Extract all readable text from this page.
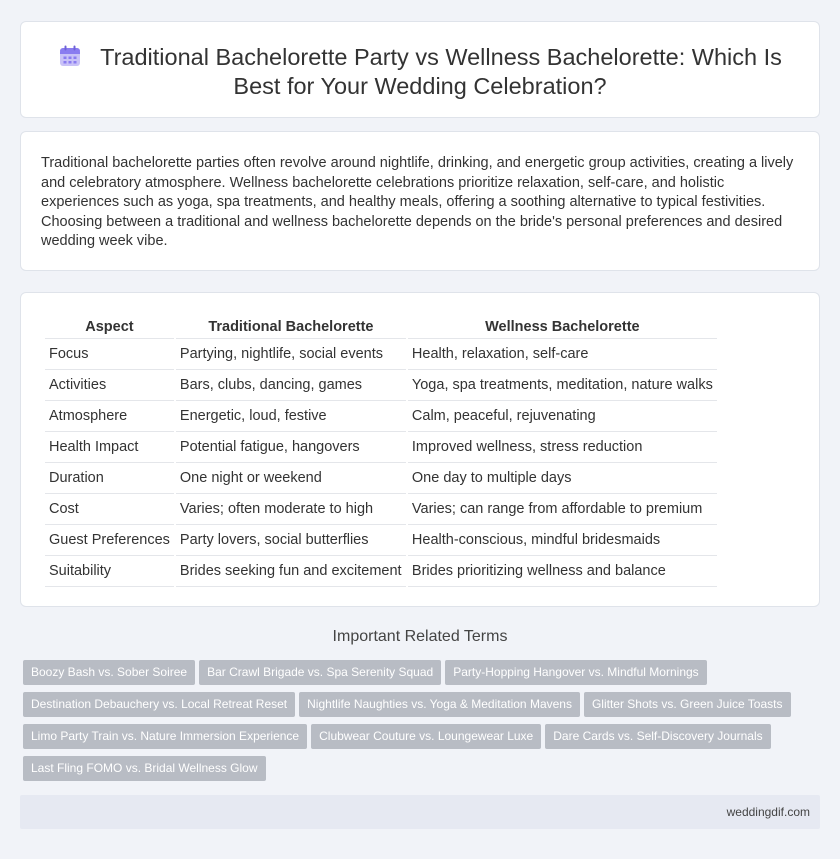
Traditional Bachelorette Party vs Wellness Bachelorette: Which Is Best for Your Wedding Celebration?

Traditional bachelorette parties often revolve around nightlife, drinking, and energetic group activities, creating a lively and celebratory atmosphere. Wellness bachelorette celebrations prioritize relaxation, self-care, and holistic experiences such as yoga, spa treatments, and healthy meals, offering a soothing alternative to typical festivities. Choosing between a traditional and wellness bachelorette depends on the bride's personal preferences and desired wedding week vibe.

Aspect	Traditional Bachelorette	Wellness Bachelorette
Focus	Partying, nightlife, social events	Health, relaxation, self-care
Activities	Bars, clubs, dancing, games	Yoga, spa treatments, meditation, nature walks
Atmosphere	Energetic, loud, festive	Calm, peaceful, rejuvenating
Health Impact	Potential fatigue, hangovers	Improved wellness, stress reduction
Duration	One night or weekend	One day to multiple days
Cost	Varies; often moderate to high	Varies; can range from affordable to premium
Guest Preferences	Party lovers, social butterflies	Health-conscious, mindful bridesmaids
Suitability	Brides seeking fun and excitement	Brides prioritizing wellness and balance
Important Related Terms
Boozy Bash vs. Sober Soiree Bar Crawl Brigade vs. Spa Serenity Squad Party-Hopping Hangover vs. Mindful Mornings Destination Debauchery vs. Local Retreat Reset Nightlife Naughties vs. Yoga & Meditation Mavens Glitter Shots vs. Green Juice Toasts Limo Party Train vs. Nature Immersion Experience Clubwear Couture vs. Loungewear Luxe Dare Cards vs. Self-Discovery Journals Last Fling FOMO vs. Bridal Wellness Glow
weddingdif.com
